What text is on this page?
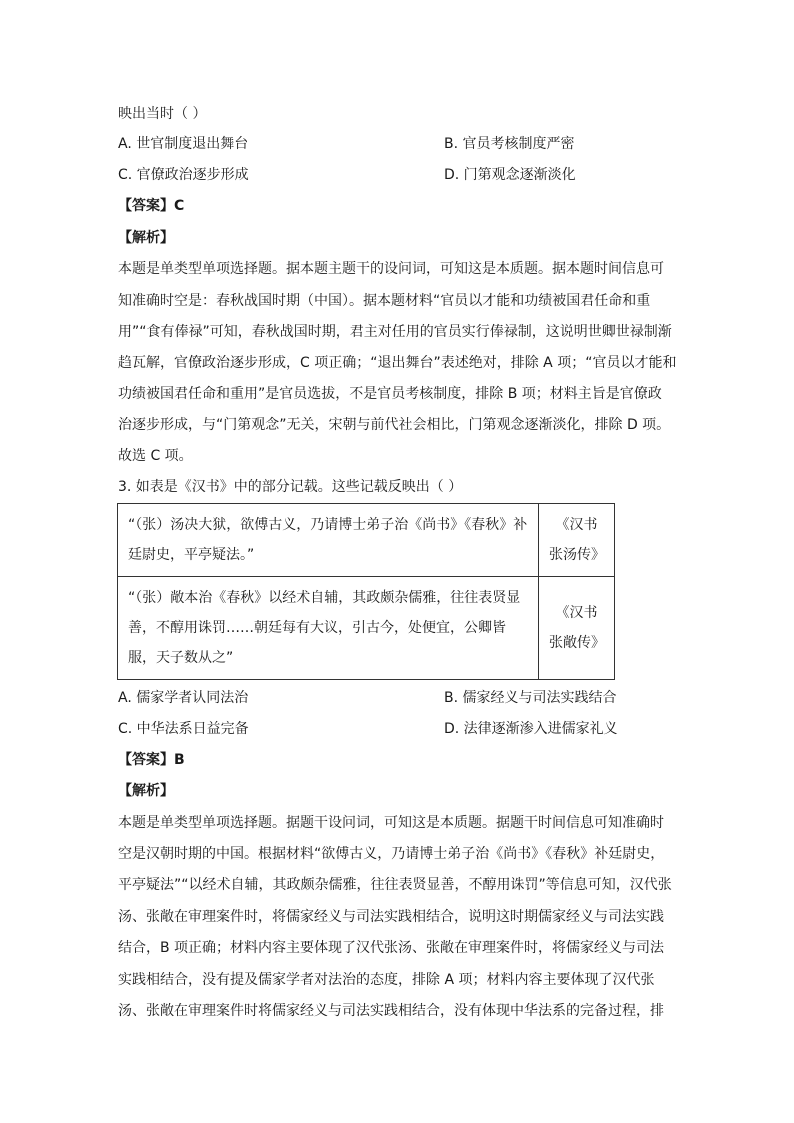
映出当时（ ）
A. 世官制度退出舞台	B. 官员考核制度严密
C. 官僚政治逐步形成	D. 门第观念逐渐淡化
【答案】C
【解析】
本题是单类型单项选择题。据本题主题干的设问词，可知这是本质题。据本题时间信息可
知准确时空是：春秋战国时期（中国）。据本题材料“官员以才能和功绩被国君任命和重
用”“食有俸禄”可知，春秋战国时期，君主对任用的官员实行俸禄制，这说明世卿世禄制渐
趋瓦解，官僚政治逐步形成，C 项正确；“退出舞台”表述绝对，排除 A 项；“官员以才能和
功绩被国君任命和重用”是官员选拔，不是官员考核制度，排除 B 项；材料主旨是官僚政
治逐步形成，与“门第观念”无关，宋朝与前代社会相比，门第观念逐渐淡化，排除 D 项。
故选 C 项。
3. 如表是《汉书》中的部分记载。这些记载反映出（ ）
“（张）汤决大狱，欲傅古义，乃请博士弟子治《尚书》《春秋》补廷尉史，平亭疑法。”	《汉书 张汤传》
“（张）敞本治《春秋》以经术自辅，其政颇杂儒雅，往往表贤显善，不醇用诛罚……朝廷每有大议，引古今，处便宜，公卿皆服，天子数从之”	《汉书 张敞传》
A. 儒家学者认同法治	B. 儒家经义与司法实践结合
C. 中华法系日益完备	D. 法律逐渐渗入进儒家礼义
【答案】B
【解析】
本题是单类型单项选择题。据题干设问词，可知这是本质题。据题干时间信息可知准确时
空是汉朝时期的中国。根据材料“欲傅古义，乃请博士弟子治《尚书》《春秋》补廷尉史，
平亭疑法”“以经术自辅，其政颇杂儒雅，往往表贤显善，不醇用诛罚”等信息可知，汉代张
汤、张敞在审理案件时，将儒家经义与司法实践相结合，说明这时期儒家经义与司法实践
结合，B 项正确；材料内容主要体现了汉代张汤、张敞在审理案件时，将儒家经义与司法
实践相结合，没有提及儒家学者对法治的态度，排除 A 项；材料内容主要体现了汉代张
汤、张敞在审理案件时将儒家经义与司法实践相结合，没有体现中华法系的完备过程，排
